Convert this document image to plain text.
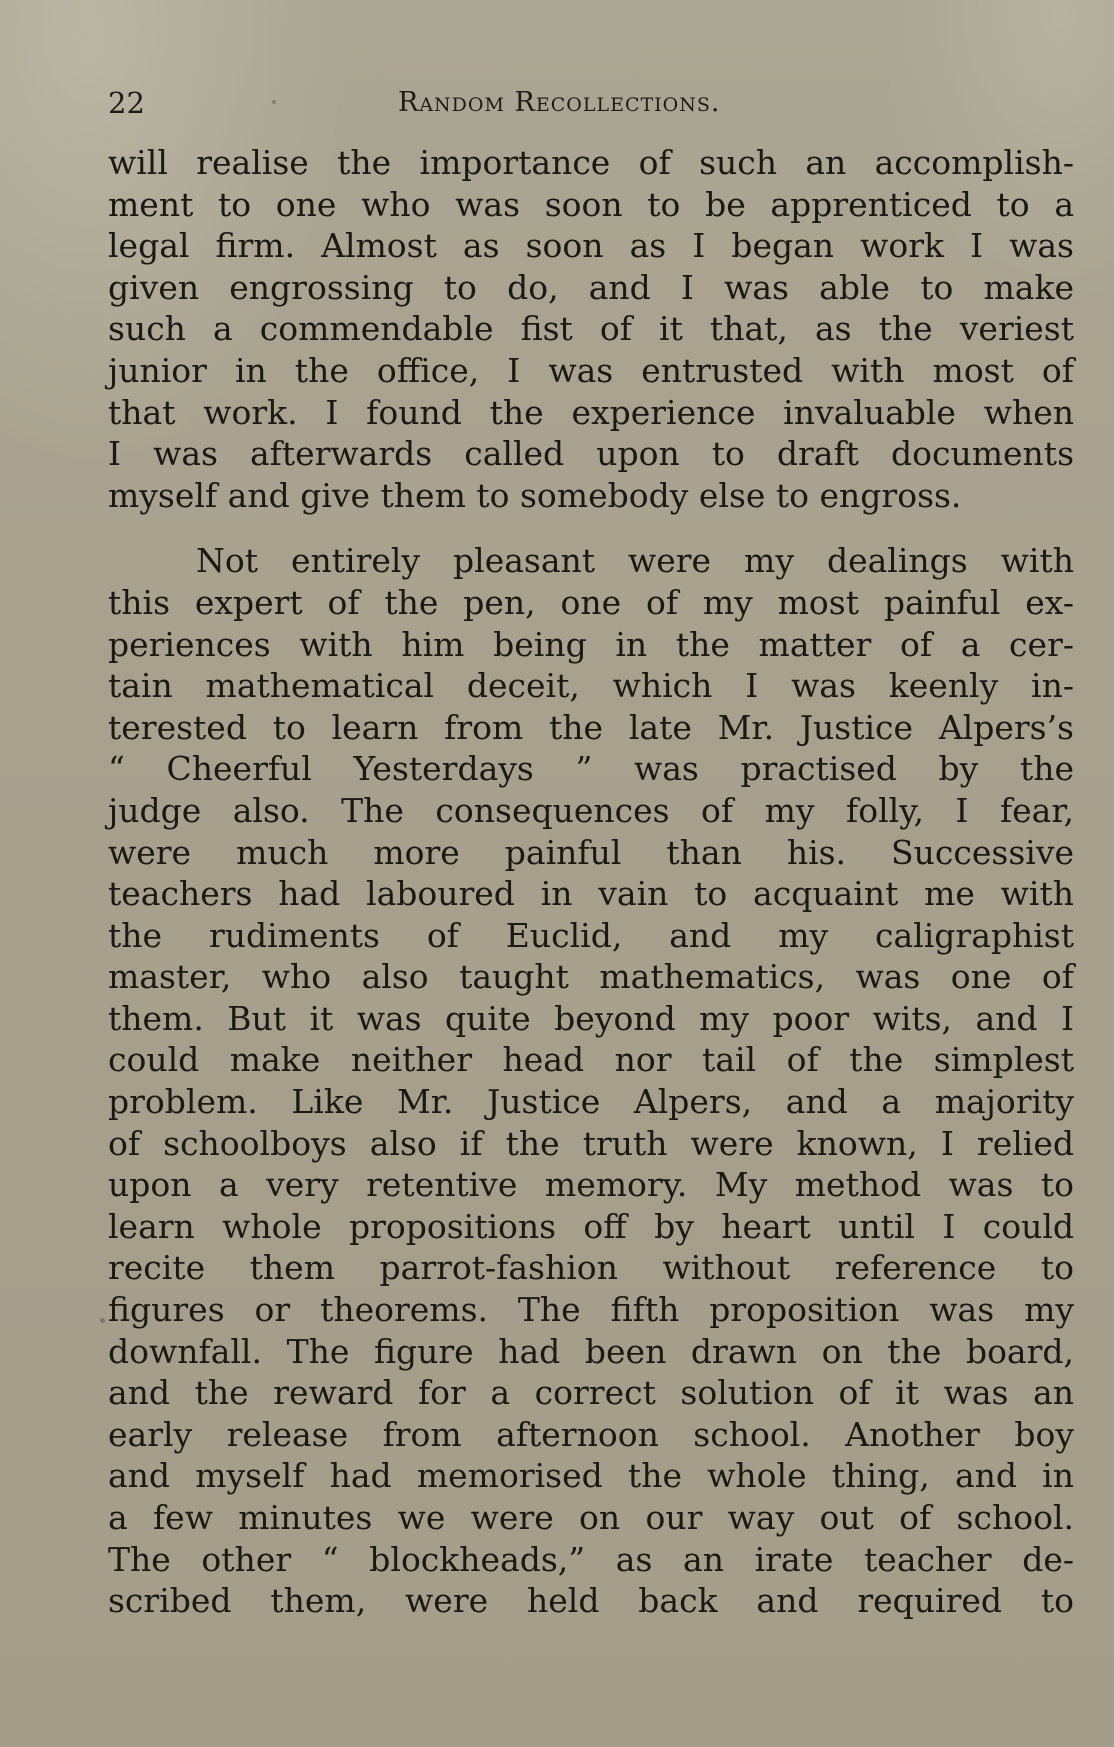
22	Random Recollections.
will realise the importance of such an accomplish-
ment to one who was soon to be apprenticed to a
legal firm. Almost as soon as I began work I was
given engrossing to do, and I was able to make
such a commendable fist of it that, as the veriest
junior in the office, I was entrusted with most of
that work. I found the experience invaluable when
I was afterwards called upon to draft documents
myself and give them to somebody else to engross.
Not entirely pleasant were my dealings with
this expert of the pen, one of my most painful ex-
periences with him being in the matter of a cer-
tain mathematical deceit, which I was keenly in-
terested to learn from the late Mr. Justice Alpers’s
“ Cheerful Yesterdays ” was practised by the
judge also. The consequences of my folly, I fear,
were much more painful than his. Successive
teachers had laboured in vain to acquaint me with
the rudiments of Euclid, and my caligraphist
master, who also taught mathematics, was one of
them. But it was quite beyond my poor wits, and I
could make neither head nor tail of the simplest
problem. Like Mr. Justice Alpers, and a majority
of schoolboys also if the truth were known, I relied
upon a very retentive memory. My method was to
learn whole propositions off by heart until I could
recite them parrot-fashion without reference to
figures or theorems. The fifth proposition was my
downfall. The figure had been drawn on the board,
and the reward for a correct solution of it was an
early release from afternoon school. Another boy
and myself had memorised the whole thing, and in
a few minutes we were on our way out of school.
The other “ blockheads,” as an irate teacher de-
scribed them, were held back and required to
